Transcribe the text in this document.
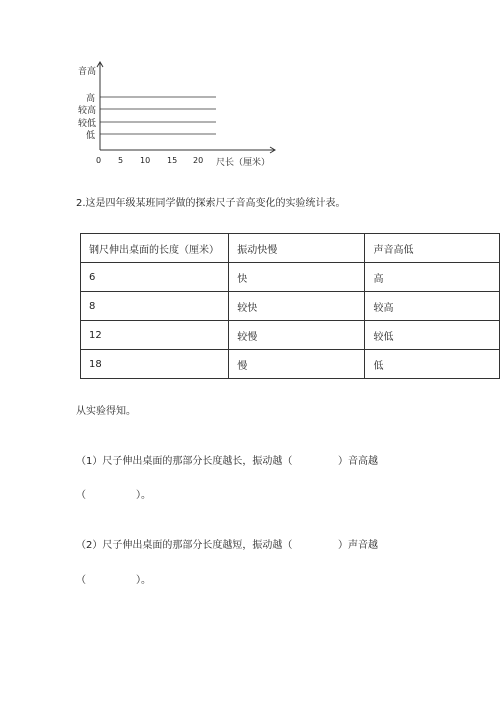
音高
高
较高
较低
低
0 5 10 15 20 尺长（厘米）
2.这是四年级某班同学做的探索尺子音高变化的实验统计表。
钢尺伸出桌面的长度（厘米）	振动快慢	声音高低
6	快	高
8	较快	较高
12	较慢	较低
18	慢	低
从实验得知。
（1）尺子伸出桌面的那部分长度越长，振动越（	）音高越
（　　　　　）。
（2）尺子伸出桌面的那部分长度越短，振动越（	）声音越
（　　　　　）。
